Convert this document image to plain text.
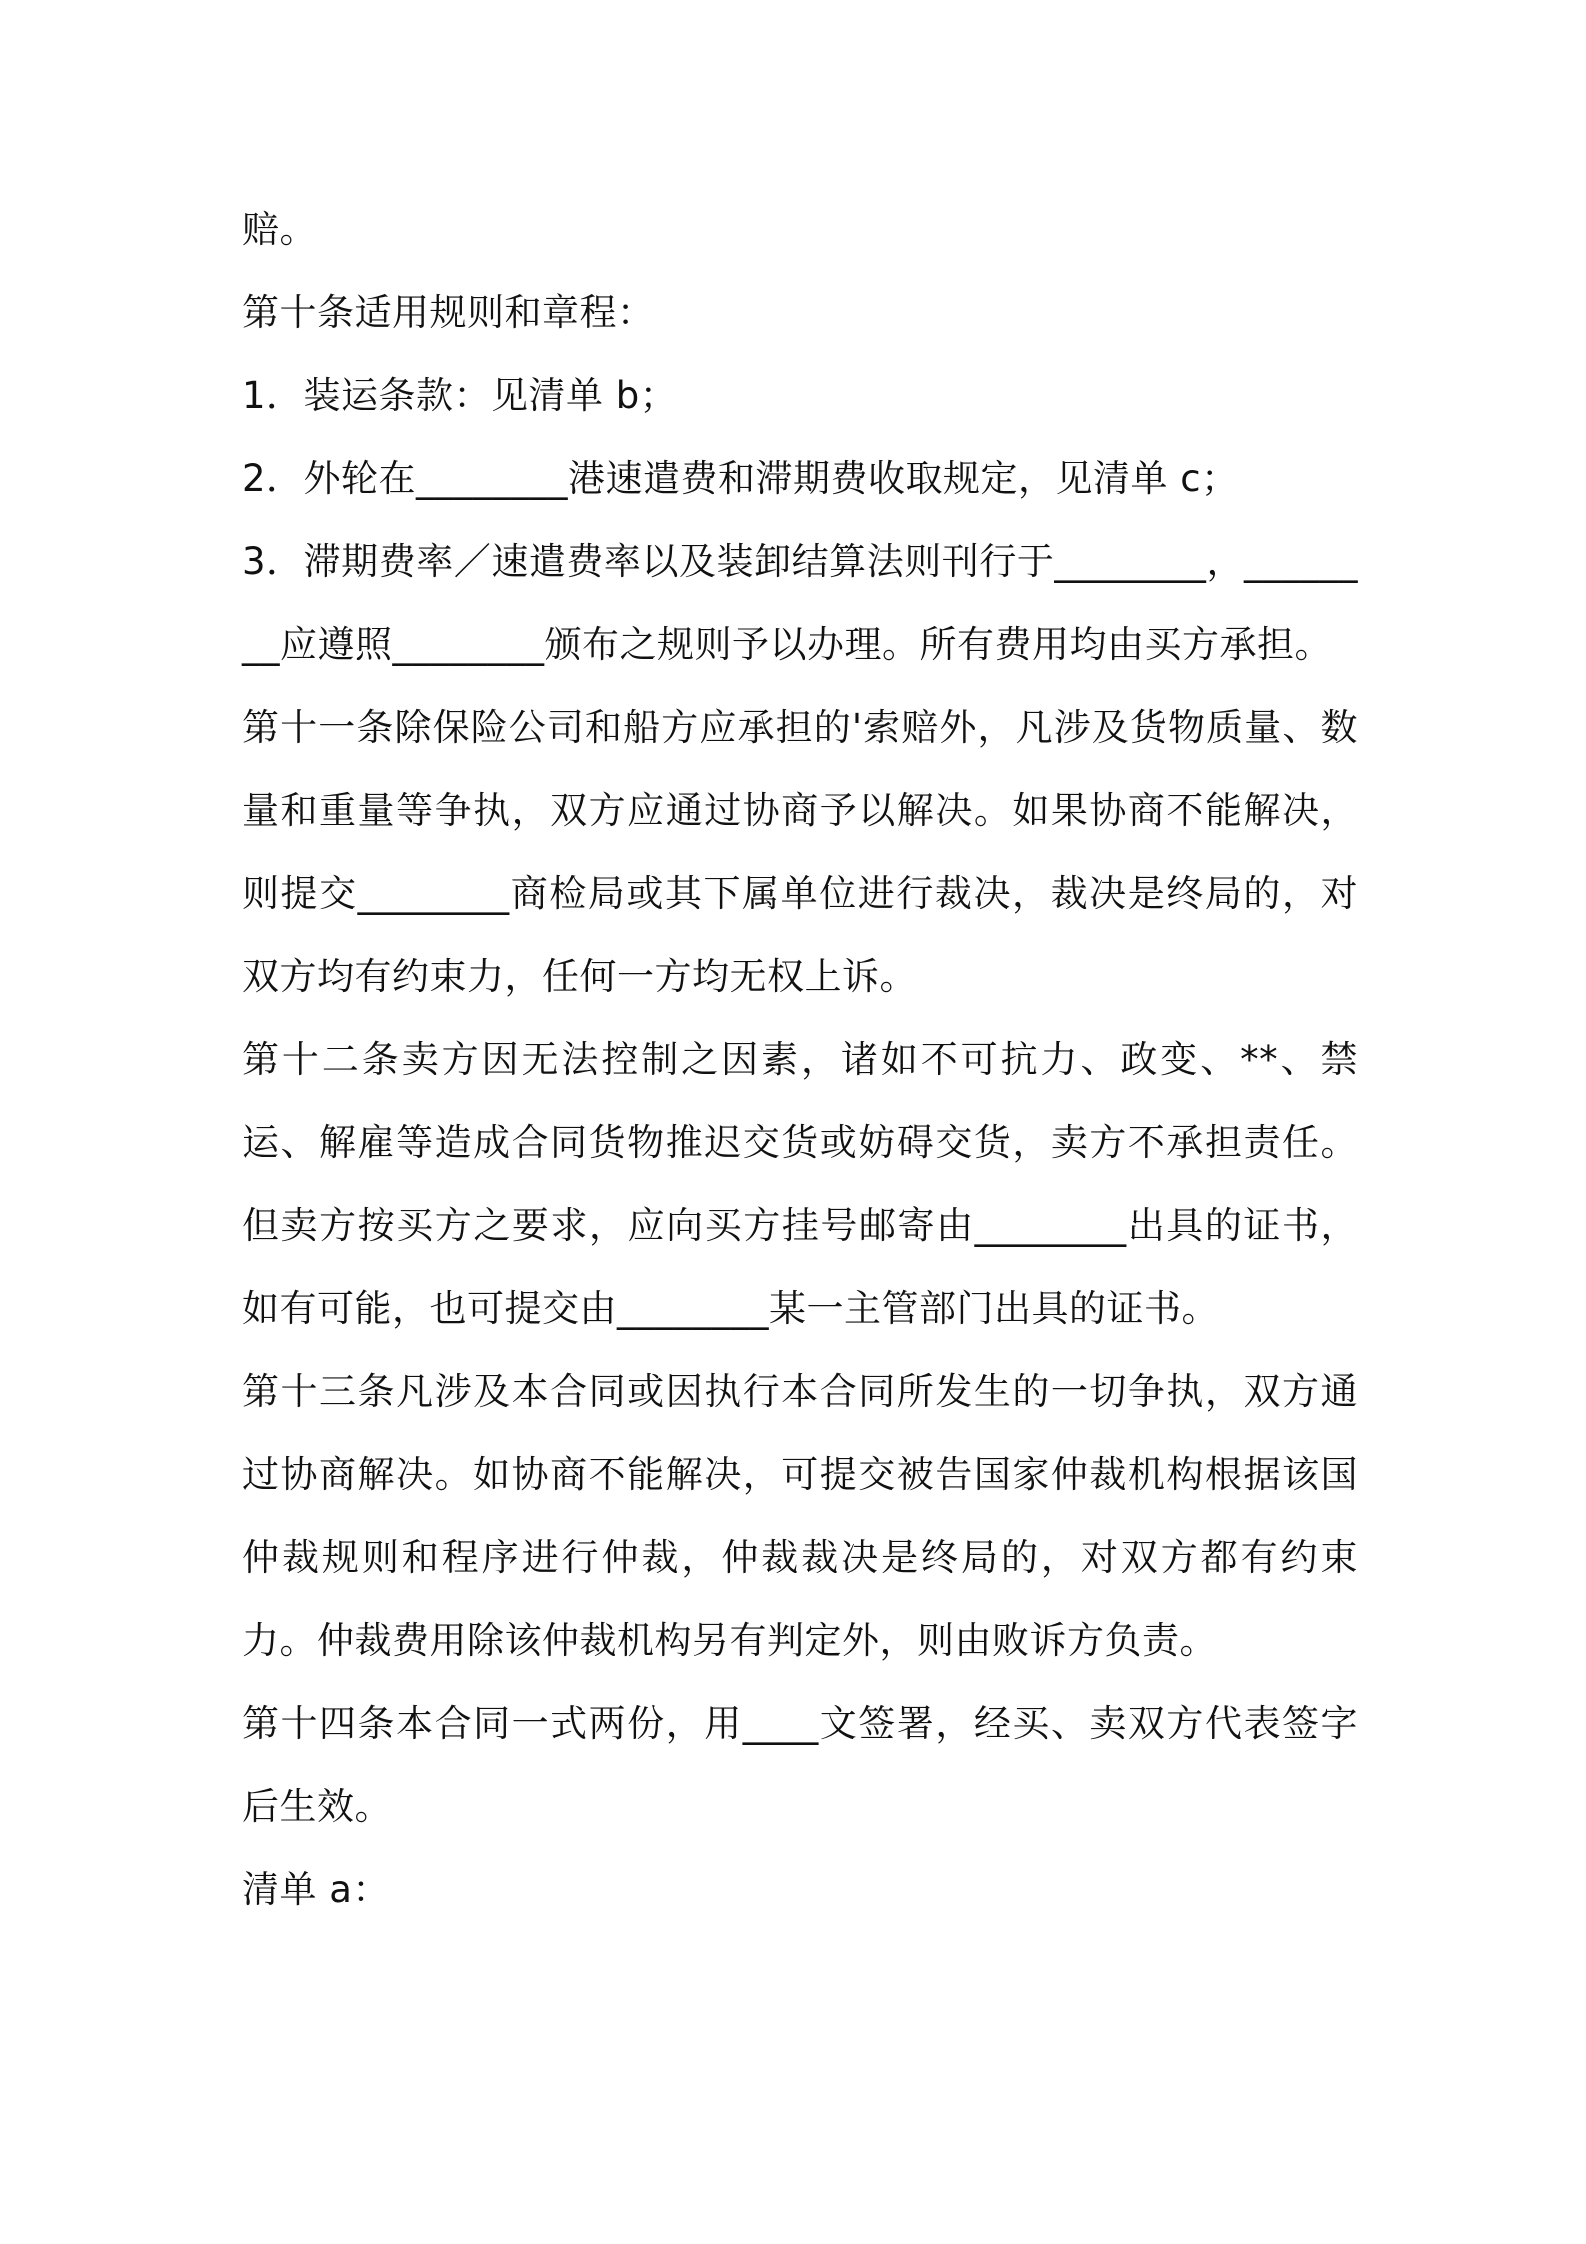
赔。

第十条适用规则和章程：

1．装运条款：见清单 b；

2．外轮在________港速遣费和滞期费收取规定，见清单 c；

3．滞期费率／速遣费率以及装卸结算法则刊行于________，________应遵照________颁布之规则予以办理。所有费用均由买方承担。

第十一条除保险公司和船方应承担的'索赔外，凡涉及货物质量、数量和重量等争执，双方应通过协商予以解决。如果协商不能解决，则提交________商检局或其下属单位进行裁决，裁决是终局的，对双方均有约束力，任何一方均无权上诉。

第十二条卖方因无法控制之因素，诸如不可抗力、政变、**、禁运、解雇等造成合同货物推迟交货或妨碍交货，卖方不承担责任。但卖方按买方之要求，应向买方挂号邮寄由________出具的证书，如有可能，也可提交由________某一主管部门出具的证书。

第十三条凡涉及本合同或因执行本合同所发生的一切争执，双方通过协商解决。如协商不能解决，可提交被告国家仲裁机构根据该国仲裁规则和程序进行仲裁，仲裁裁决是终局的，对双方都有约束力。仲裁费用除该仲裁机构另有判定外，则由败诉方负责。

第十四条本合同一式两份，用____文签署，经买、卖双方代表签字后生效。

清单 a：
